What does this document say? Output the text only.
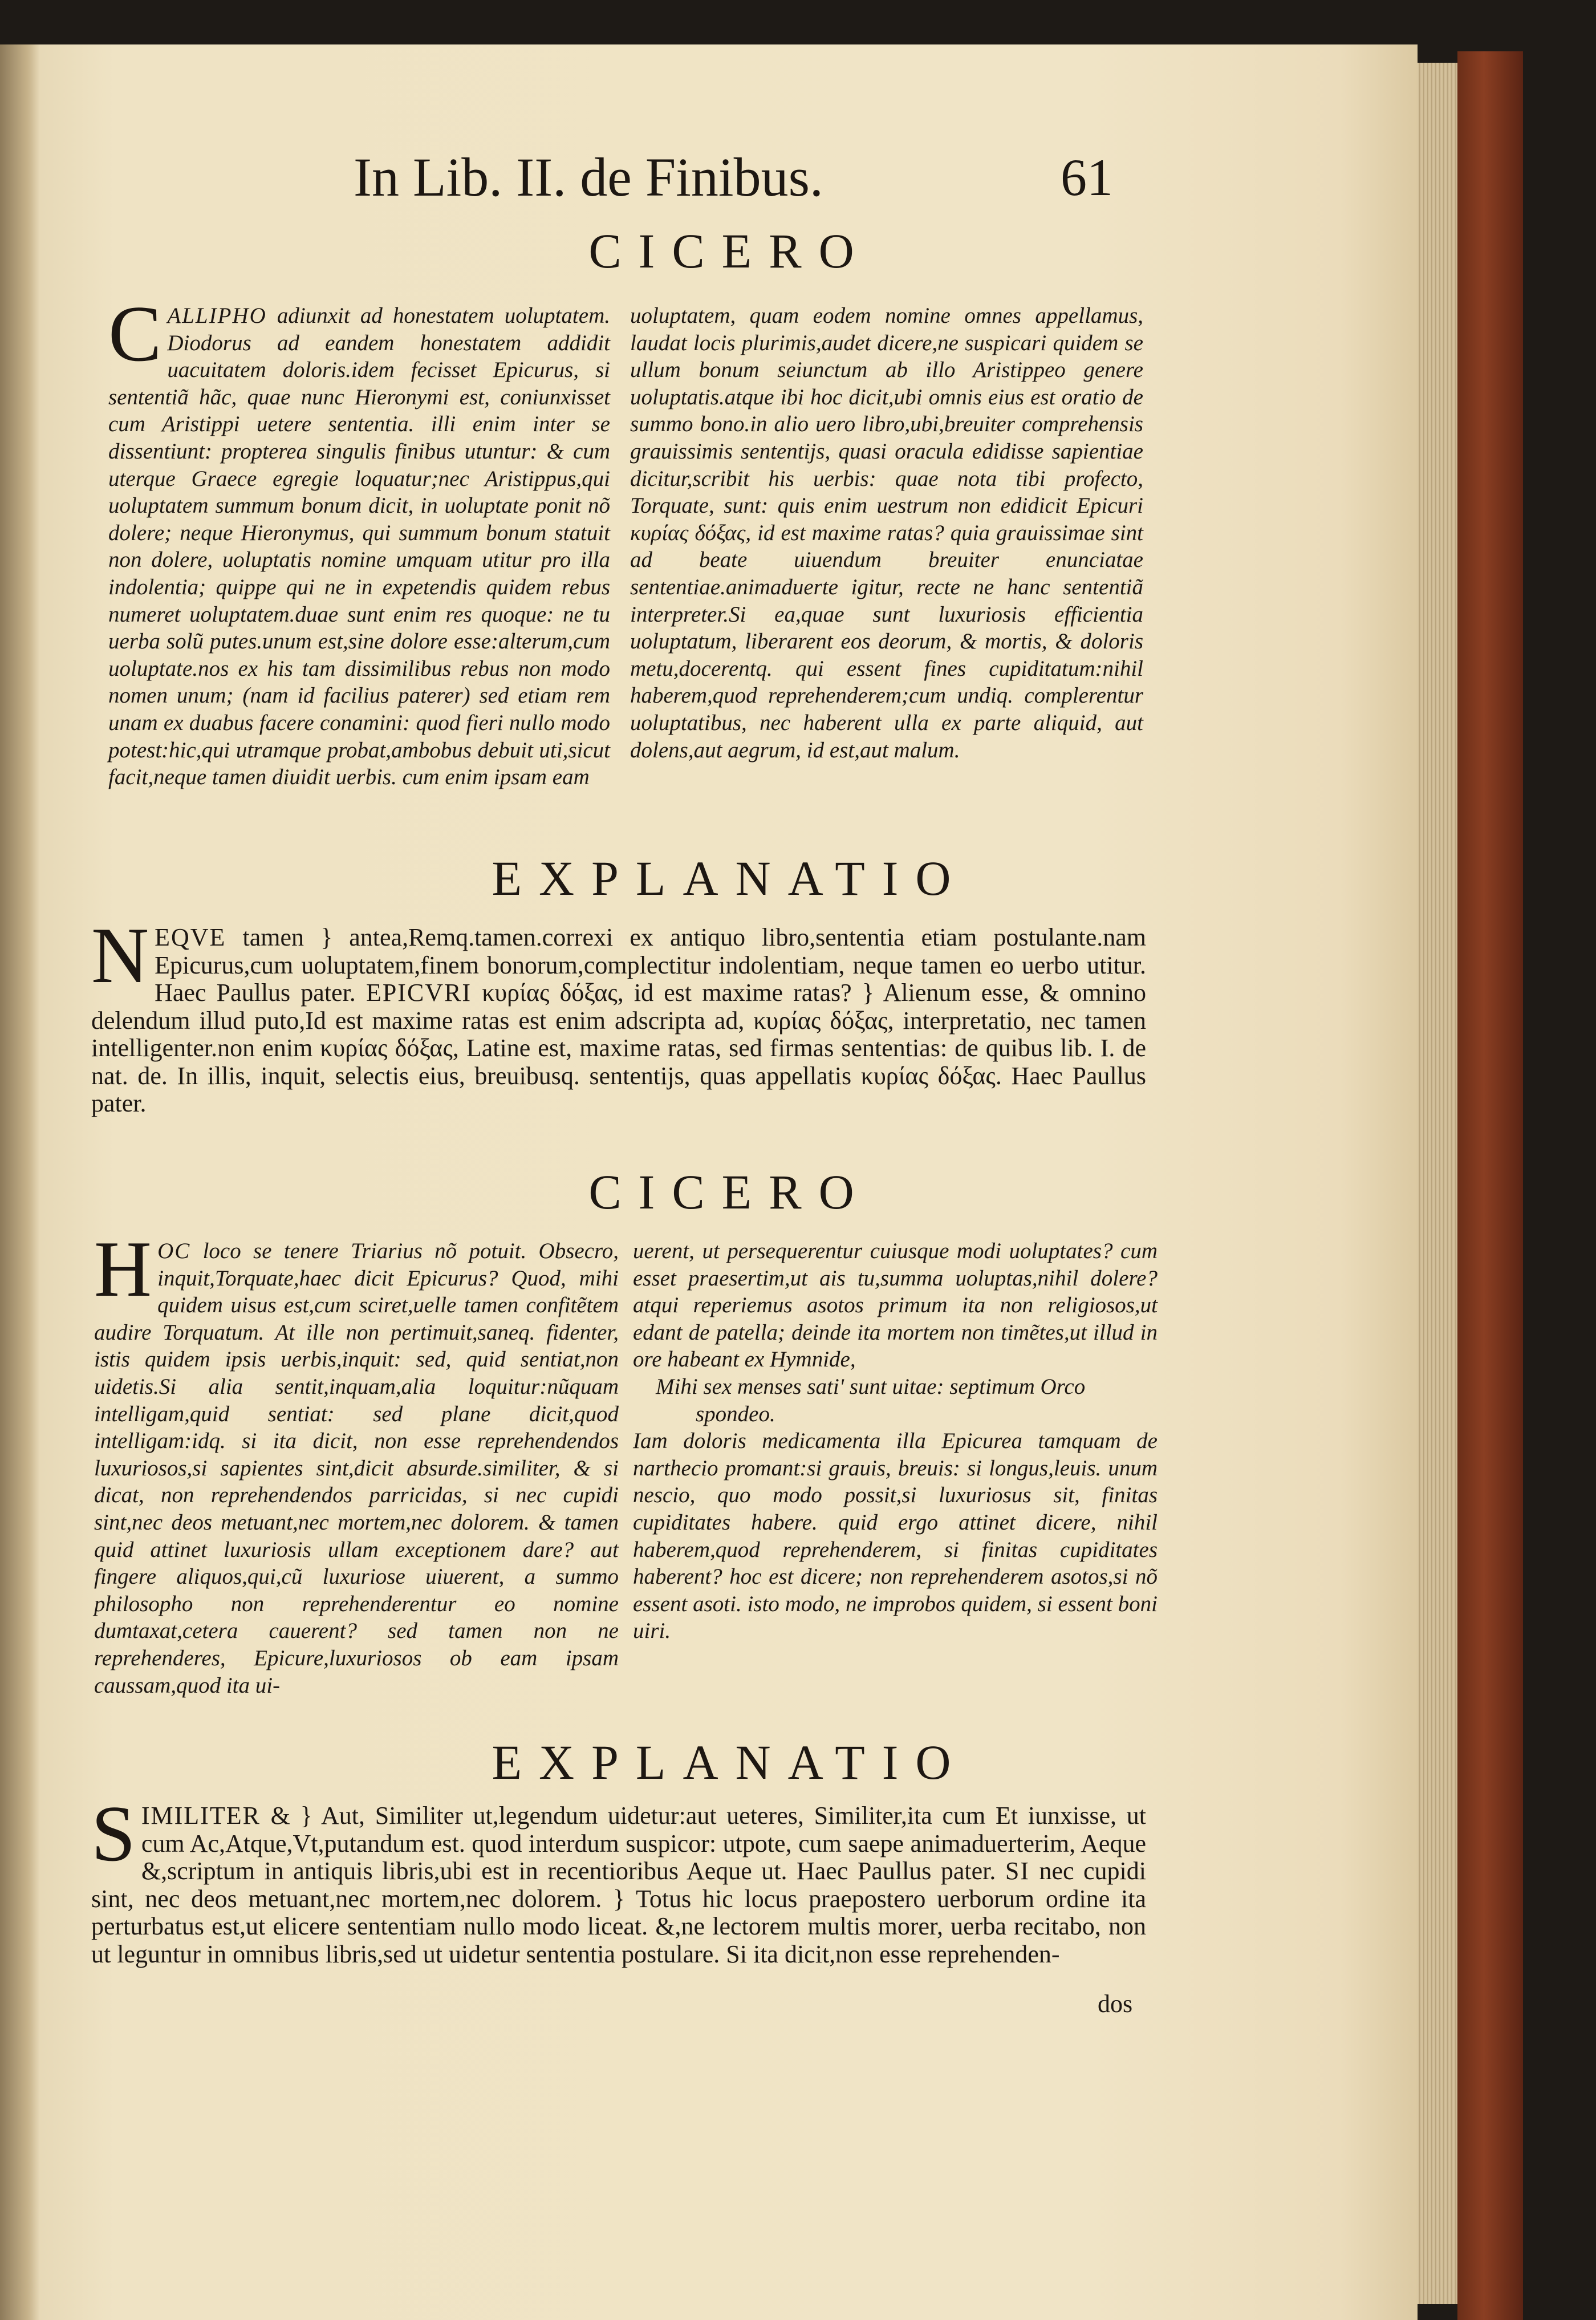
In Lib. II. de Finibus.	61
CICERO

CALLIPHO adiunxit ad honestatem uoluptatem. Diodorus ad eandem honestatem addidit uacuitatem doloris.idem fecisset Epicurus, si sententiã hãc, quae nunc Hieronymi est, coniunxisset cum Aristippi uetere sententia. illi enim inter se dissentiunt: propterea singulis finibus utuntur: & cum uterque Graece egregie loquatur;nec Aristippus,qui uoluptatem summum bonum dicit, in uoluptate ponit nõ dolere; neque Hieronymus, qui summum bonum statuit non dolere, uoluptatis nomine umquam utitur pro illa indolentia; quippe qui ne in expetendis quidem rebus numeret uoluptatem.duae sunt enim res quoque: ne tu uerba solũ putes.unum est,sine dolore esse:alterum,cum uoluptate.nos ex his tam dissimilibus rebus non modo nomen unum; (nam id facilius paterer) sed etiam rem unam ex duabus facere conamini: quod fieri nullo modo potest:hic,qui utramque probat,ambobus debuit uti,sicut facit,neque tamen diuidit uerbis. cum enim ipsam eam

uoluptatem, quam eodem nomine omnes appellamus, laudat locis plurimis,audet dicere,ne suspicari quidem se ullum bonum seiunctum ab illo Aristippeo genere uoluptatis.atque ibi hoc dicit,ubi omnis eius est oratio de summo bono.in alio uero libro,ubi,breuiter comprehensis grauissimis sententijs, quasi oracula edidisse sapientiae dicitur,scribit his uerbis: quae nota tibi profecto, Torquate, sunt: quis enim uestrum non edidicit Epicuri κυρίας δόξας, id est maxime ratas? quia grauissimae sint ad beate uiuendum breuiter enunciatae sententiae.animaduerte igitur, recte ne hanc sententiã interpreter.Si ea,quae sunt luxuriosis efficientia uoluptatum, liberarent eos deorum, & mortis, & doloris metu,docerentq. qui essent fines cupiditatum:nihil haberem,quod reprehenderem;cum undiq. complerentur uoluptatibus, nec haberent ulla ex parte aliquid, aut dolens,aut aegrum, id est,aut malum.

EXPLANATIO
NEQVE tamen } antea,Remq.tamen.correxi ex antiquo libro,sententia etiam postulante.nam Epicurus,cum uoluptatem,finem bonorum,complectitur indolentiam, neque tamen eo uerbo utitur. Haec Paullus pater. EPICVRI κυρίας δόξας, id est maxime ratas? } Alienum esse, & omnino delendum illud puto,Id est maxime ratas est enim adscripta ad, κυρίας δόξας, interpretatio, nec tamen intelligenter.non enim κυρίας δόξας, Latine est, maxime ratas, sed firmas sententias: de quibus lib. I. de nat. de. In illis, inquit, selectis eius, breuibusq. sententijs, quas appellatis κυρίας δόξας. Haec Paullus pater.
CICERO

HOC loco se tenere Triarius nõ potuit. Obsecro, inquit,Torquate,haec dicit Epicurus? Quod, mihi quidem uisus est,cum sciret,uelle tamen confitẽtem audire Torquatum. At ille non pertimuit,saneq. fidenter, istis quidem ipsis uerbis,inquit: sed, quid sentiat,non uidetis.Si alia sentit,inquam,alia loquitur:nũquam intelligam,quid sentiat: sed plane dicit,quod intelligam:idq. si ita dicit, non esse reprehendendos luxuriosos,si sapientes sint,dicit absurde.similiter, & si dicat, non reprehendendos parricidas, si nec cupidi sint,nec deos metuant,nec mortem,nec dolorem. & tamen quid attinet luxuriosis ullam exceptionem dare? aut fingere aliquos,qui,cũ luxuriose uiuerent, a summo philosopho non reprehenderentur eo nomine dumtaxat,cetera cauerent? sed tamen non ne reprehenderes, Epicure,luxuriosos ob eam ipsam caussam,quod ita ui-

uerent, ut persequerentur cuiusque modi uoluptates? cum esset praesertim,ut ais tu,summa uoluptas,nihil dolere? atqui reperiemus asotos primum ita non religiosos,ut edant de patella; deinde ita mortem non timẽtes,ut illud in ore habeant ex Hymnide,

Mihi sex menses sati' sunt uitae: septimum Orco

spondeo.

Iam doloris medicamenta illa Epicurea tamquam de narthecio promant:si grauis, breuis: si longus,leuis. unum nescio, quo modo possit,si luxuriosus sit, finitas cupiditates habere. quid ergo attinet dicere, nihil haberem,quod reprehenderem, si finitas cupiditates haberent? hoc est dicere; non reprehenderem asotos,si nõ essent asoti. isto modo, ne improbos quidem, si essent boni uiri.

EXPLANATIO
SIMILITER & } Aut, Similiter ut,legendum uidetur:aut ueteres, Similiter,ita cum Et iunxisse, ut cum Ac,Atque,Vt,putandum est. quod interdum suspicor: utpote, cum saepe animaduerterim, Aeque &,scriptum in antiquis libris,ubi est in recentioribus Aeque ut. Haec Paullus pater. SI nec cupidi sint, nec deos metuant,nec mortem,nec dolorem. } Totus hic locus praepostero uerborum ordine ita perturbatus est,ut elicere sententiam nullo modo liceat. &,ne lectorem multis morer, uerba recitabo, non ut leguntur in omnibus libris,sed ut uidetur sententia postulare. Si ita dicit,non esse reprehenden-
dos
